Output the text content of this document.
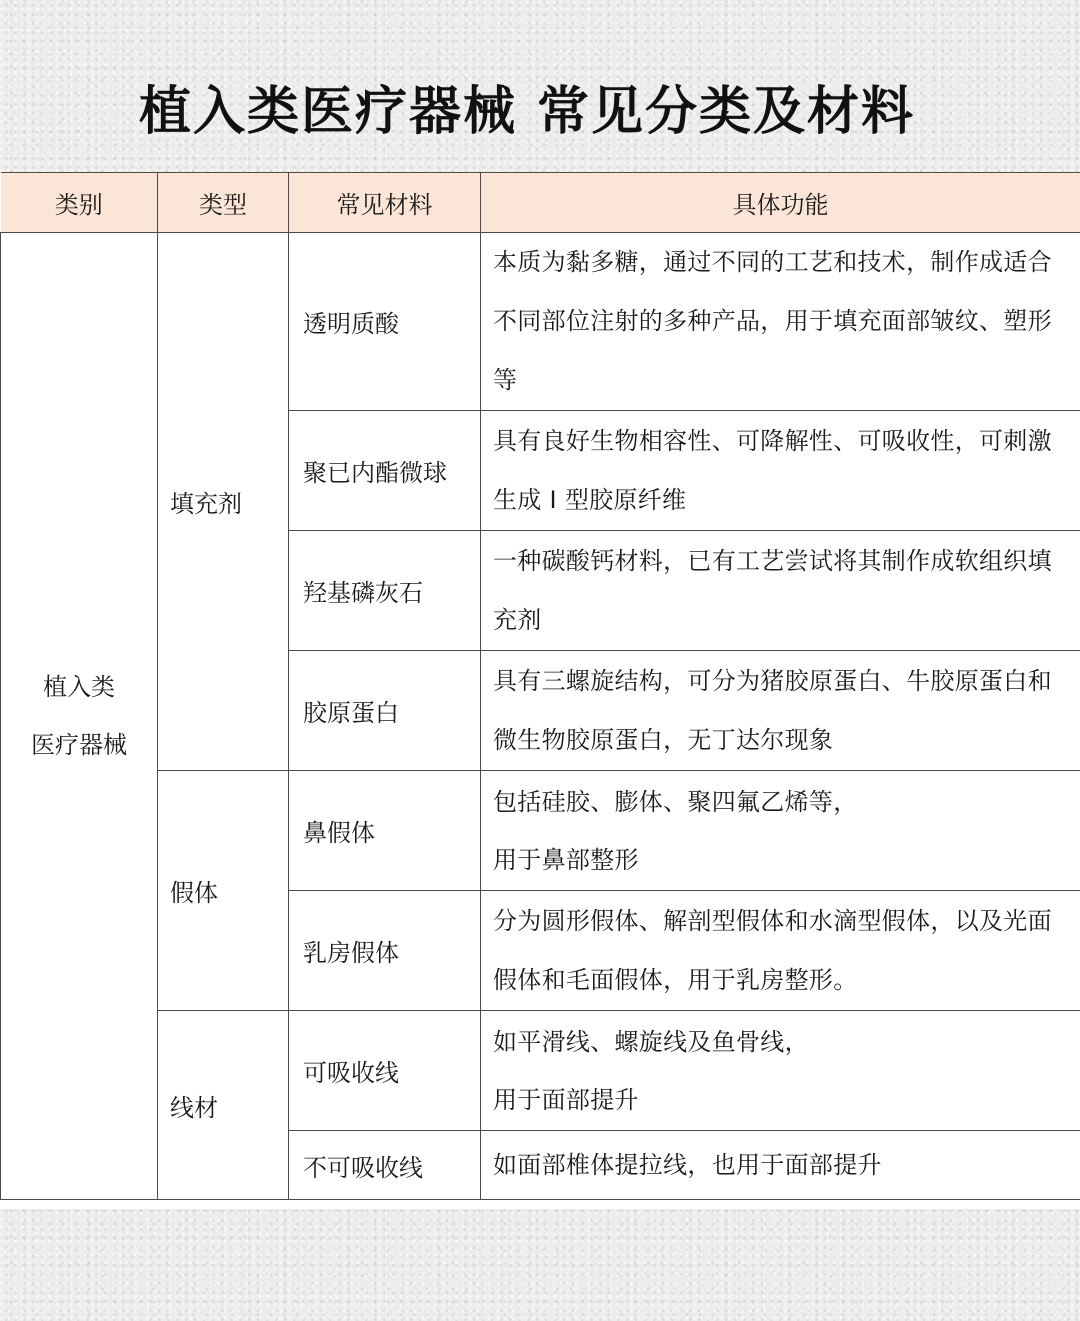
植入类医疗器械 常见分类及材料
类别	类型	常见材料	具体功能

植入类
医疗器械	填充剂	透明质酸	本质为黏多糖，通过不同的工艺和技术，制作成适合不同部位注射的多种产品，用于填充面部皱纹、塑形等
		聚已内酯微球	具有良好生物相容性、可降解性、可吸收性，可刺激生成 Ⅰ 型胶原纤维
		羟基磷灰石	一种碳酸钙材料，已有工艺尝试将其制作成软组织填充剂
		胶原蛋白	具有三螺旋结构，可分为猪胶原蛋白、牛胶原蛋白和微生物胶原蛋白，无丁达尔现象
	假体	鼻假体	包括硅胶、膨体、聚四氟乙烯等，
用于鼻部整形

		乳房假体	分为圆形假体、解剖型假体和水滴型假体，以及光面假体和毛面假体，用于乳房整形。
	线材	可吸收线	如平滑线、螺旋线及鱼骨线，
用于面部提升

		不可吸收线	如面部椎体提拉线，也用于面部提升
